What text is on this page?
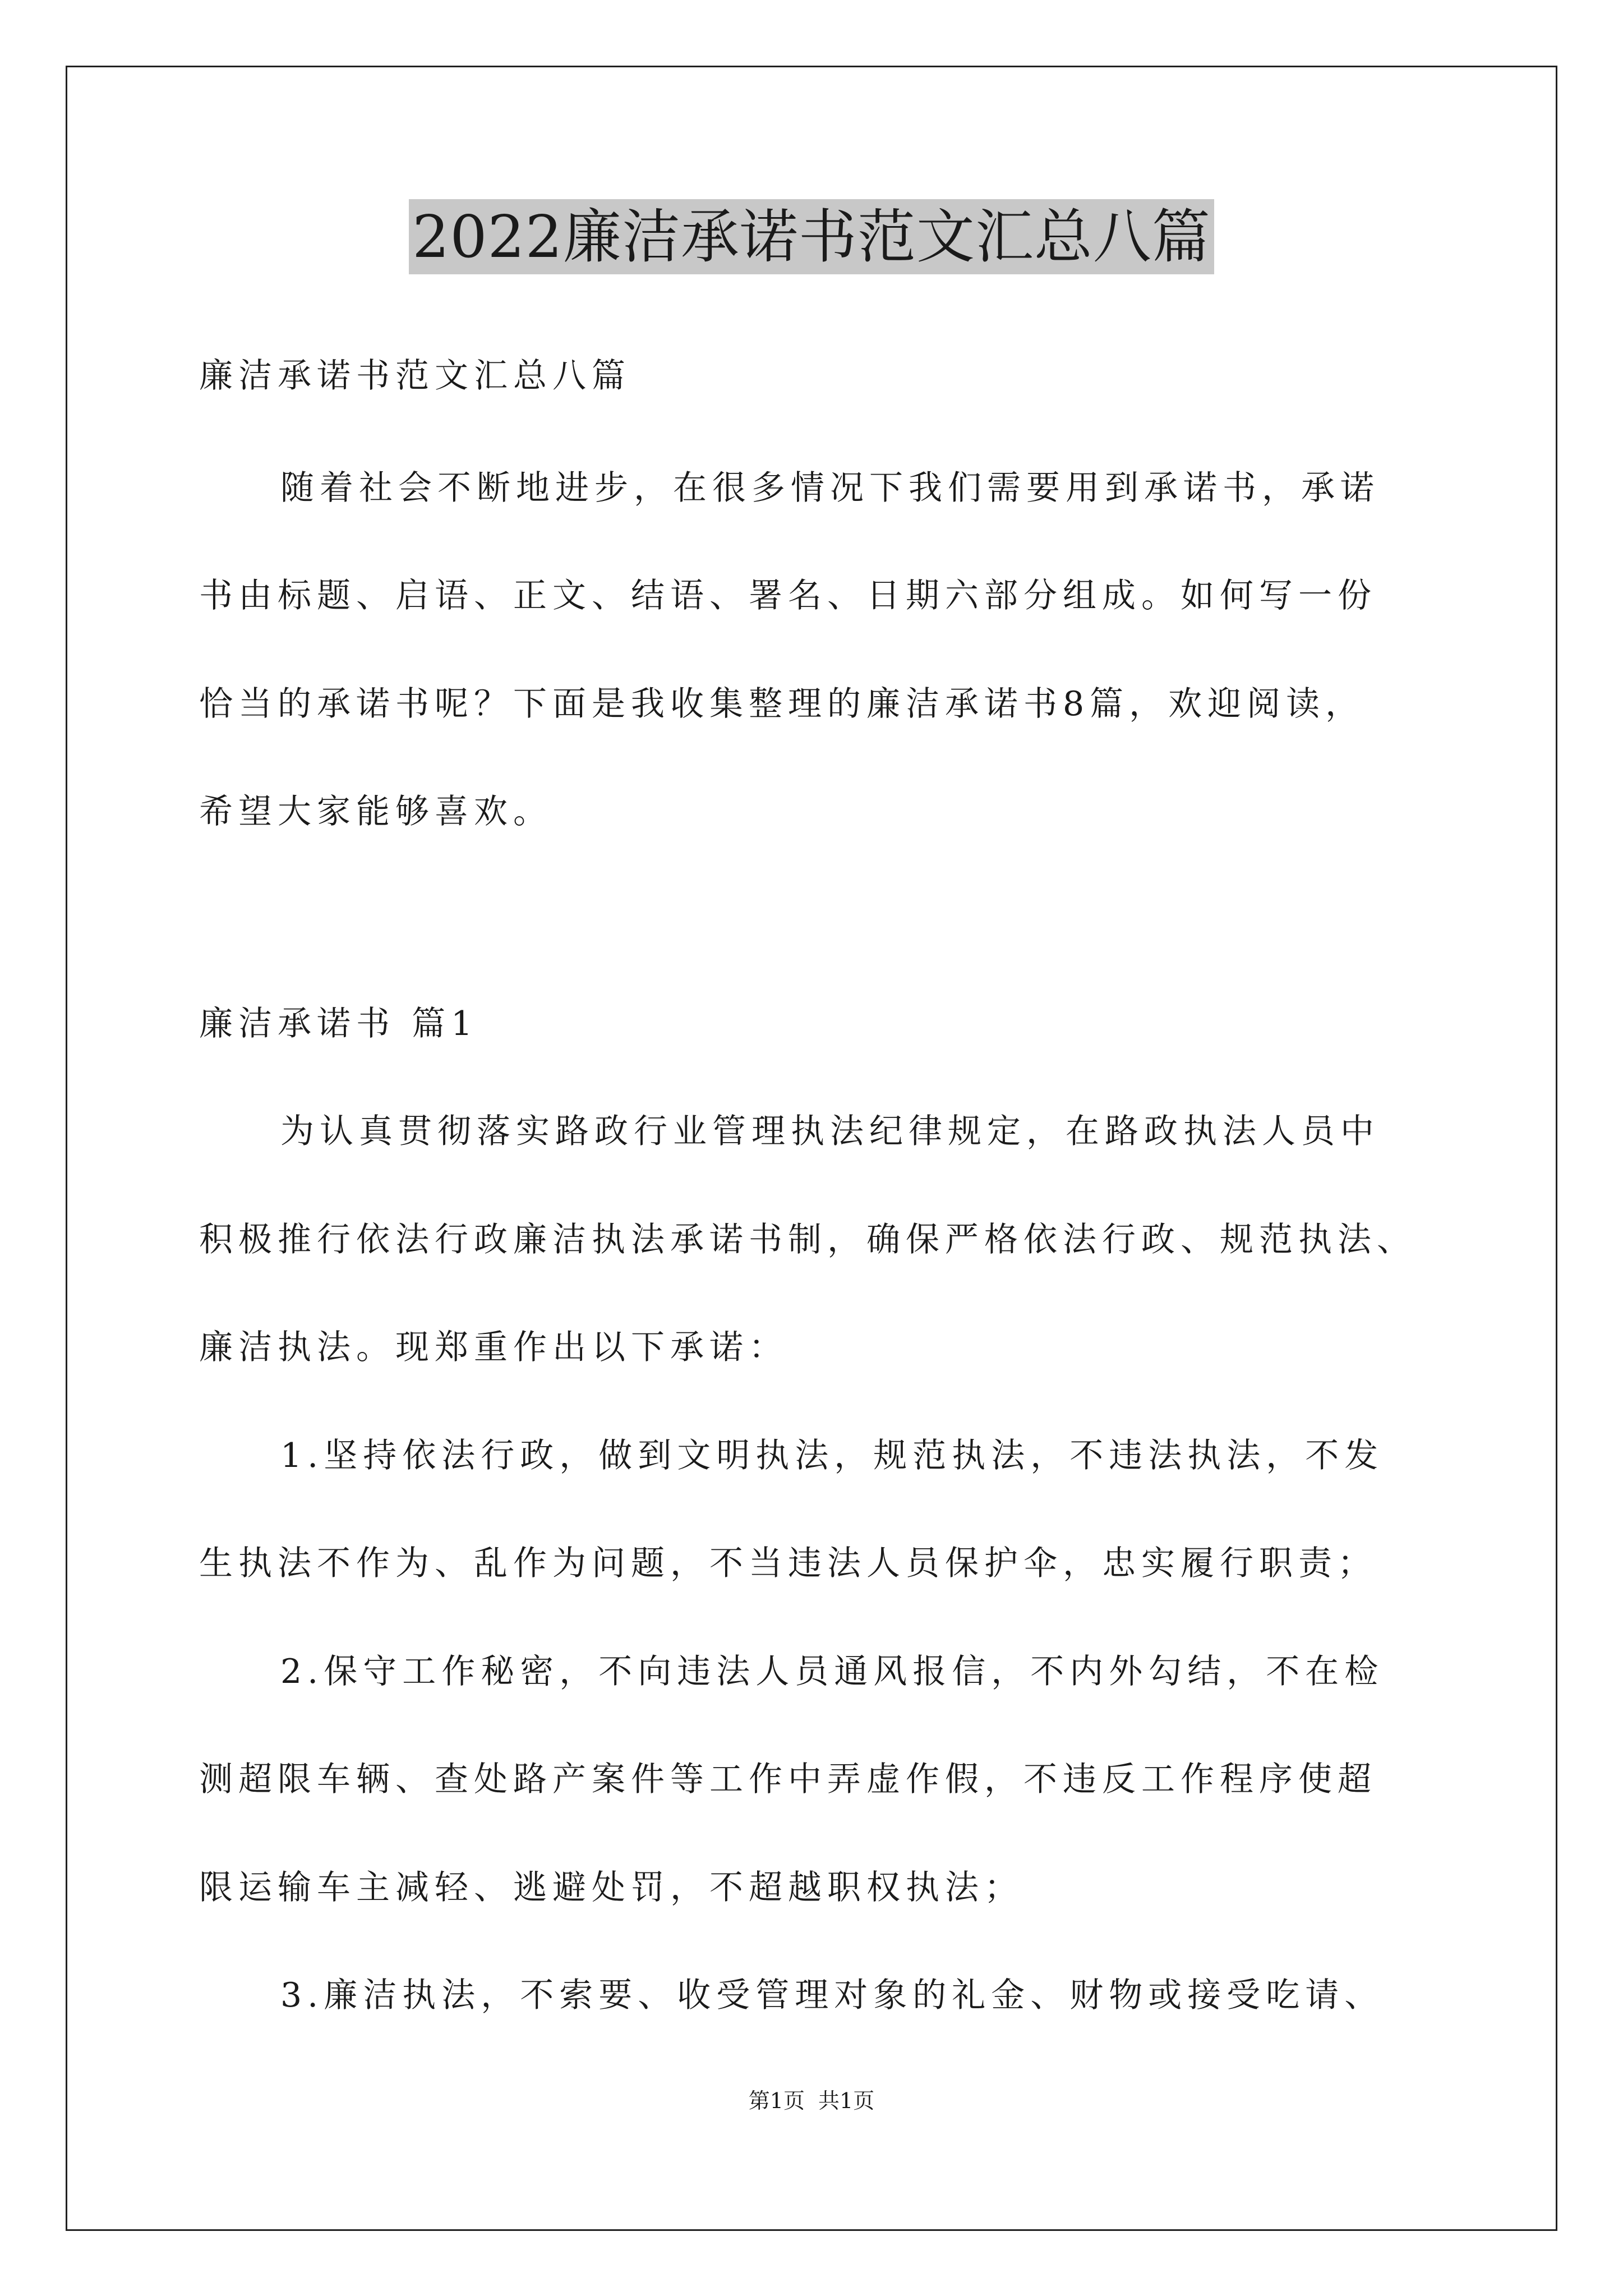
2022廉洁承诺书范文汇总八篇
廉洁承诺书范文汇总八篇
随着社会不断地进步，在很多情况下我们需要用到承诺书，承诺
书由标题、启语、正文、结语、署名、日期六部分组成。如何写一份
恰当的承诺书呢？下面是我收集整理的廉洁承诺书8篇，欢迎阅读，
希望大家能够喜欢。
廉洁承诺书 篇1
为认真贯彻落实路政行业管理执法纪律规定，在路政执法人员中
积极推行依法行政廉洁执法承诺书制，确保严格依法行政、规范执法、
廉洁执法。现郑重作出以下承诺：
1.坚持依法行政，做到文明执法，规范执法，不违法执法，不发
生执法不作为、乱作为问题，不当违法人员保护伞，忠实履行职责；
2.保守工作秘密，不向违法人员通风报信，不内外勾结，不在检
测超限车辆、查处路产案件等工作中弄虚作假，不违反工作程序使超
限运输车主减轻、逃避处罚，不超越职权执法；
3.廉洁执法，不索要、收受管理对象的礼金、财物或接受吃请、
第1页 共1页
